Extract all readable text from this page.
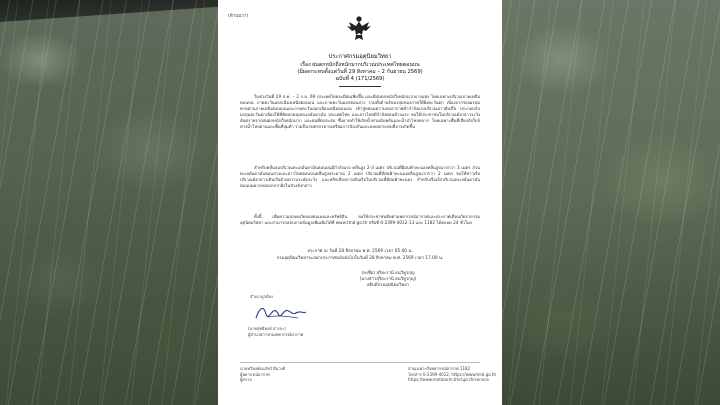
(ด้านนวา)
ประกาศกรมอุตุนิยมวิทยา
เรื่อง ฝนตกหนักถึงหนักมากบริเวณประเทศไทยตอนบน
(มีผลกระทบตั้งแต่วันที่ 29 สิงหาคม – 2 กันยายน 2569)
ฉบับที่ 4 (171/2569)
ในช่วงวันที่ 29 ส.ค. – 2 ก.ย. 69 ประเทศไทยจะมีฝนเพิ่มขึ้น และมีฝนตกหนักถึงหนักมากบางแห่ง โดยเฉพาะบริเวณภาคเหนือตอนบน ภาคตะวันออกเฉียงเหนือตอนบน และภาคตะวันออกตอนล่าง รวมทั้งด้านรับมรสุมของภาคใต้ฝั่งตะวันตก เนื่องจากร่องมรสุมพาดผ่านภาคเหนือตอนบนและภาคตะวันออกเฉียงเหนือตอนบน เข้าสู่หย่อมความกดอากาศต่ำกำลังแรงบริเวณอ่าวตังเกี๋ย ประกอบกับมรสุมตะวันตกเฉียงใต้ที่พัดปกคลุมทะเลอันดามัน ประเทศไทย และอ่าวไทยมีกำลังค่อนข้างแรง ขอให้ประชาชนในบริเวณดังกล่าวระวังอันตรายจากฝนตกหนักถึงหนักมาก และฝนที่ตกสะสม ซึ่งอาจทำให้เกิดน้ำท่วมฉับพลันและน้ำป่าไหลหลาก โดยเฉพาะพื้นที่เสี่ยงภัยใกล้ทางน้ำไหลผ่านและพื้นที่ลุ่มต่ำ รวมถึงเกษตรกรควรเตรียมการป้องกันและลดผลกระทบที่อาจเกิดขึ้น
สำหรับคลื่นลมบริเวณทะเลอันดามันตอนบนมีกำลังแรง คลื่นสูง 2-3 เมตร บริเวณที่มีฝนฟ้าคะนองคลื่นสูงมากกว่า 3 เมตร ส่วนทะเลอันดามันตอนล่างและอ่าวไทยตอนบนคลื่นสูงประมาณ 2 เมตร บริเวณที่มีฝนฟ้าคะนองคลื่นสูงมากกว่า 2 เมตร ขอให้ชาวเรือบริเวณดังกล่าวเดินเรือด้วยความระมัดระวัง และหลีกเลี่ยงการเดินเรือในบริเวณที่มีฝนฟ้าคะนอง สำหรับเรือเล็กบริเวณทะเลอันดามันตอนบนควรงดออกจากฝั่งในช่วงดังกล่าว
ทั้งนี้ เพื่อความปลอดภัยของตนเองและทรัพย์สิน ขอให้ประชาชนติดตามพยากรณ์อากาศและประกาศเตือนภัยจากกรมอุตุนิยมวิทยา และสามารถสอบถามข้อมูลเพิ่มเติมได้ที่ www.tmd.go.th หรือที่ 0-2399-4012-13 และ 1182 ได้ตลอด 24 ชั่วโมง
ประกาศ ณ วันที่ 28 สิงหาคม พ.ศ. 2569 เวลา 05.00 น.
กรมอุตุนิยมวิทยาจะออกประกาศฉบับต่อไปในวันที่ 28 สิงหาคม พ.ศ. 2569 เวลา 17.00 น.
(ลงชื่อ) สุริยะรานี ธนวิทูรกุญ
(นางสาวสุริยะรานี ธนวิทูรกุญ)
อธิบดีกรมอุตุนิยมวิทยา
สำเนาถูกต้อง
(นายสุทธิพงษ์ สารถะ)
ผู้อำนวยการกองพยากรณ์อากาศ
นายทวีพงษ์ธนภัทร์ ยืนวงศ์
ผู้พยากรณ์อากาศ
ผู้ตรวจ
ส่วนเฉพาะกิจพยากรณ์อากาศ 1182
โทรสาร 0-2399-4012, https://www.tmd.go.th
https://www.metalarm.tmd.go.th/service
